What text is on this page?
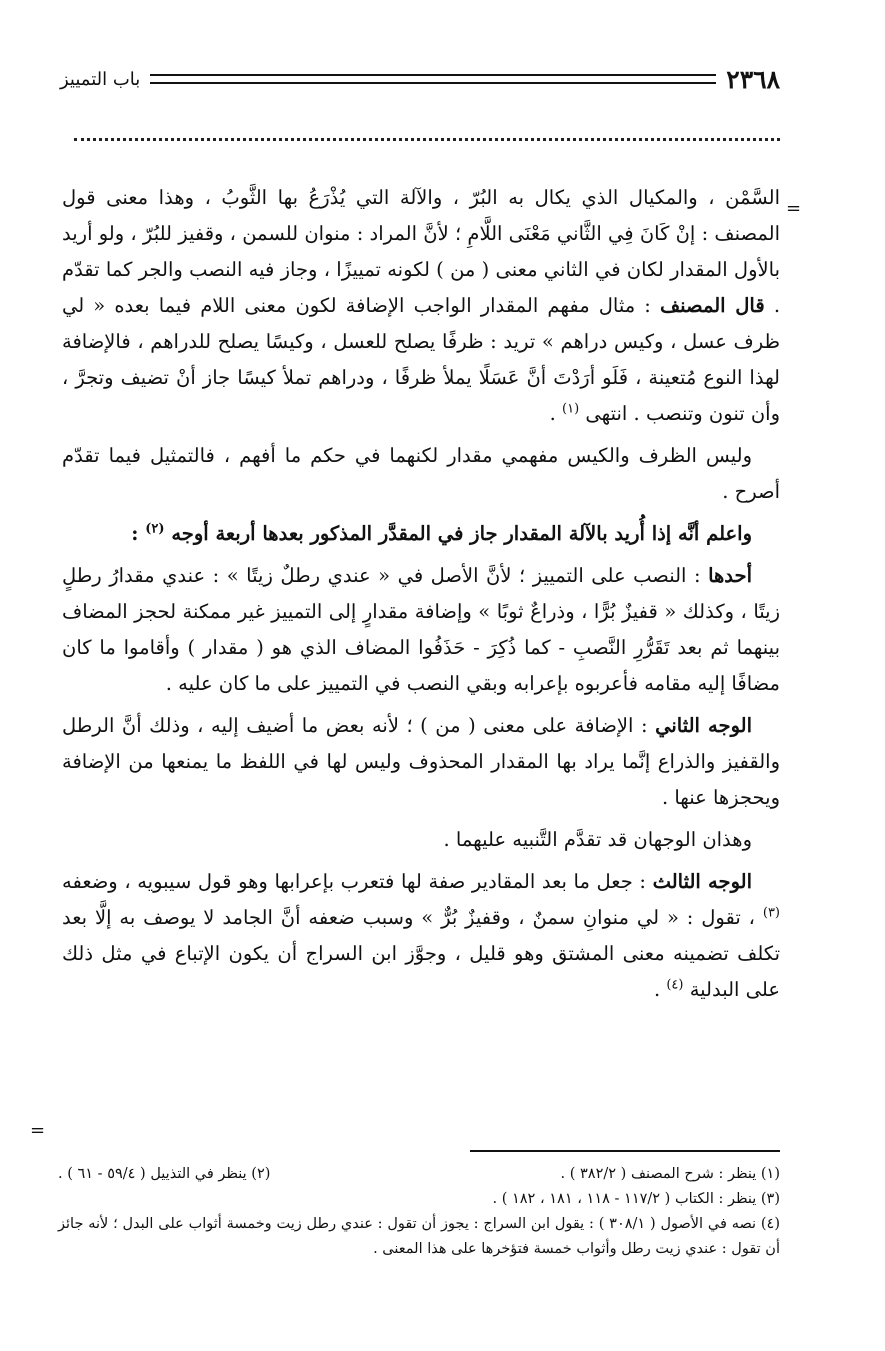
٢٣٦٨
باب التمييز
=

السَّمْن ، والمكيال الذي يكال به البُرّ ، والآلة التي يُذْرَعُ بها الثَّوبُ ، وهذا معنى قول المصنف : إنْ كَانَ فِي الثَّاني مَعْنَى اللَّامِ ؛ لأنَّ المراد : منوان للسمن ، وقفيز للبُرّ ، ولو أريد بالأول المقدار لكان في الثاني معنى ( من ) لكونه تمييزًا ، وجاز فيه النصب والجر كما تقدّم . قال المصنف : مثال مفهم المقدار الواجب الإضافة لكون معنى اللام فيما بعده « لي ظرف عسل ، وكيس دراهم » تريد : ظرفًا يصلح للعسل ، وكيسًا يصلح للدراهم ، فالإضافة لهذا النوع مُتعينة ، فَلَو أرَدْتَ أنَّ عَسَلًا يملأ ظرفًا ، ودراهم تملأ كيسًا جاز أنْ تضيف وتجرَّ ، وأن تنون وتنصب . انتهى $^{(١)}$ .

وليس الظرف والكيس مفهمي مقدار لكنهما في حكم ما أفهم ، فالتمثيل فيما تقدّم أصرح .

واعلم أنَّه إذا أُريد بالآلة المقدار جاز في المقدَّر المذكور بعدها أربعة أوجه $^{(٢)}$ :

أحدها : النصب على التمييز ؛ لأنَّ الأصل في « عندي رطلٌ زيتًا » : عندي مقدارُ رطلٍ زيتًا ، وكذلك « قفيزٌ بُرًّا ، وذراعٌ ثوبًا » وإضافة مقدارٍ إلى التمييز غير ممكنة لحجز المضاف بينهما ثم بعد تَقَرُّرِ النَّصبِ - كما ذُكِرَ - حَذَفُوا المضاف الذي هو ( مقدار ) وأقاموا ما كان مضافًا إليه مقامه فأعربوه بإعرابه وبقي النصب في التمييز على ما كان عليه .

الوجه الثاني : الإضافة على معنى ( من ) ؛ لأنه بعض ما أضيف إليه ، وذلك أنَّ الرطل والقفيز والذراع إنَّما يراد بها المقدار المحذوف وليس لها في اللفظ ما يمنعها من الإضافة ويحجزها عنها .

وهذان الوجهان قد تقدَّم التَّنبيه عليهما .

الوجه الثالث : جعل ما بعد المقادير صفة لها فتعرب بإعرابها وهو قول سيبويه ، وضعفه $^{(٣)}$ ، تقول : « لي منوانِ سمنٌ ، وقفيزٌ بُرٌّ » وسبب ضعفه أنَّ الجامد لا يوصف به إلَّا بعد تكلف تضمينه معنى المشتق وهو قليل ، وجوَّز ابن السراج أن يكون الإتباع في مثل ذلك على البدلية $^{(٤)}$ .

=
(١) ينظر : شرح المصنف ( ٣٨٢/٢ ) .
(٢) ينظر في التذييل ( ٥٩/٤ - ٦١ ) .
(٣) ينظر : الكتاب ( ١١٧/٢ - ١١٨ ، ١٨١ ، ١٨٢ ) .
(٤) نصه في الأصول ( ٣٠٨/١ ) : يقول ابن السراج : يجوز أن تقول : عندي رطل زيت وخمسة أثواب على البدل ؛ لأنه جائز أن تقول : عندي زيت رطل وأثواب خمسة فتؤخرها على هذا المعنى .
